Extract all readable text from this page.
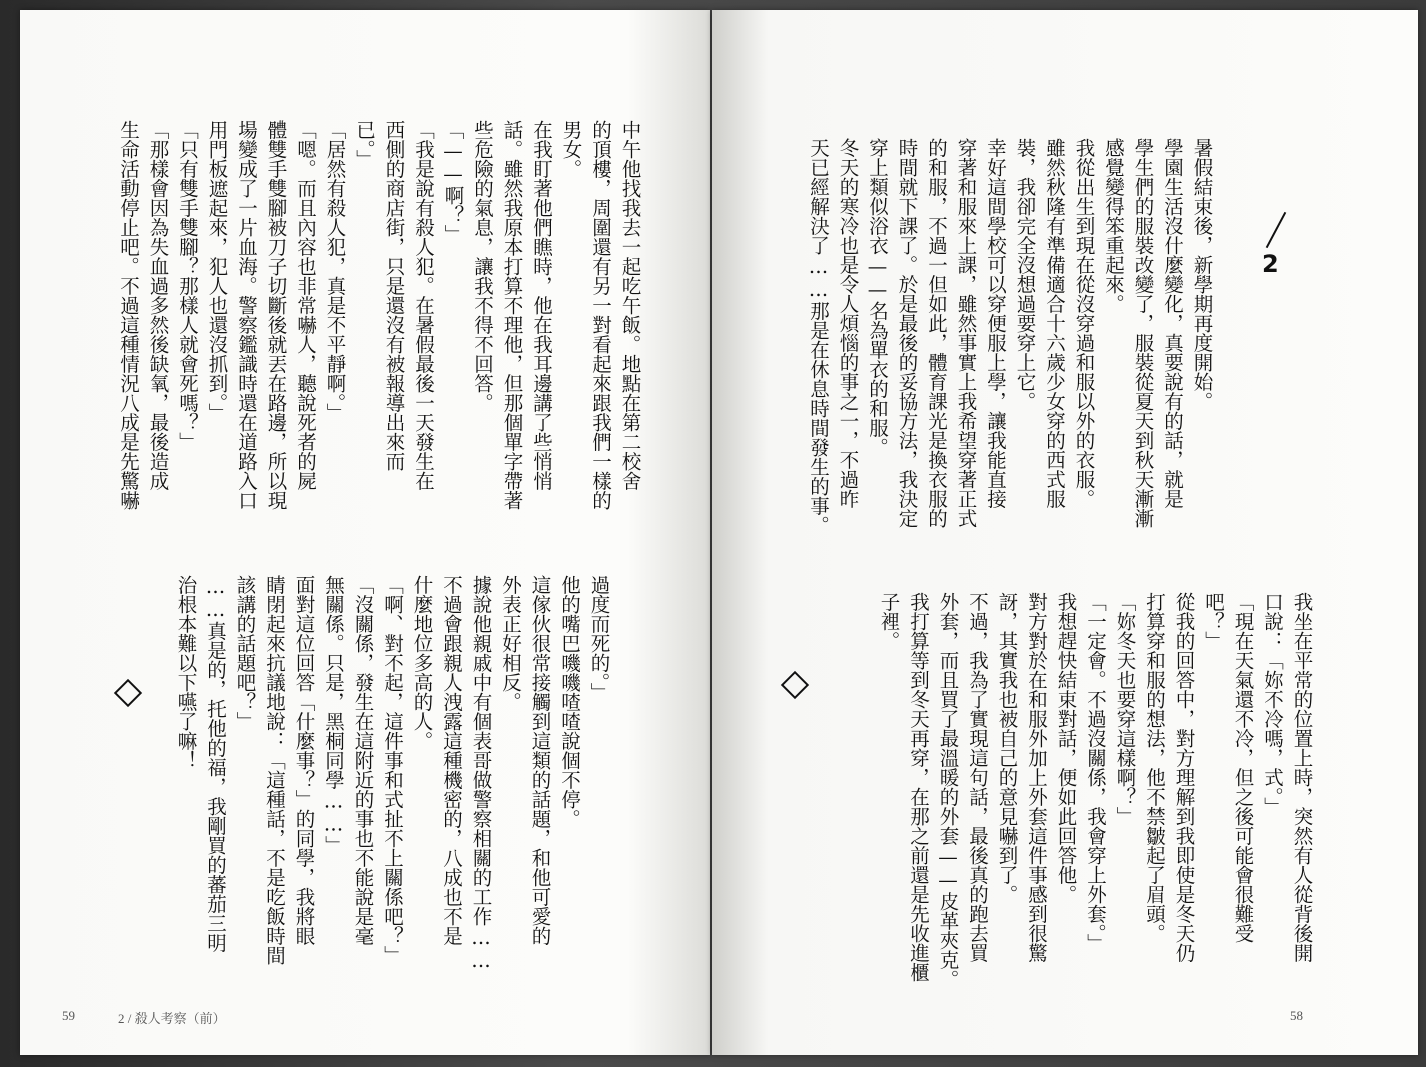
中午他找我去一起吃午飯。地點在第二校舍
的頂樓，周圍還有另一對看起來跟我們一樣的
男女。
在我盯著他們瞧時，他在我耳邊講了些悄悄
話。雖然我原本打算不理他，但那個單字帶著
些危險的氣息，讓我不得不回答。
「——啊？」
「我是說有殺人犯。在暑假最後一天發生在
西側的商店街，只是還沒有被報導出來而
已。」
「居然有殺人犯，真是不平靜啊。」
「嗯。而且內容也非常嚇人，聽說死者的屍
體雙手雙腳被刀子切斷後就丟在路邊，所以現
場變成了一片血海。警察鑑識時還在道路入口
用門板遮起來，犯人也還沒抓到。」
「只有雙手雙腳？那樣人就會死嗎？」
「那樣會因為失血過多然後缺氧，最後造成
生命活動停止吧。不過這種情況八成是先驚嚇
過度而死的。」
他的嘴巴嘰嘰喳喳說個不停。
這傢伙很常接觸到這類的話題，和他可愛的
外表正好相反。
據說他親戚中有個表哥做警察相關的工作……
不過會跟親人洩露這種機密的，八成也不是
什麼地位多高的人。
「啊、對不起，這件事和式扯不上關係吧？」
「沒關係，發生在這附近的事也不能說是毫
無關係。只是，黑桐同學……」
面對這位回答「什麼事？」的同學，我將眼
睛閉起來抗議地說：「這種話，不是吃飯時間
該講的話題吧？」
……真是的，托他的福，我剛買的蕃茄三明
治根本難以下嚥了嘛！
59	2 / 殺人考察（前）
2
暑假結束後，新學期再度開始。
學園生活沒什麼變化，真要說有的話，就是
學生們的服裝改變了，服裝從夏天到秋天漸漸
感覺變得笨重起來。
我從出生到現在從沒穿過和服以外的衣服。
雖然秋隆有準備適合十六歲少女穿的西式服
裝，我卻完全沒想過要穿上它。
幸好這間學校可以穿便服上學，讓我能直接
穿著和服來上課，雖然事實上我希望穿著正式
的和服，不過一但如此，體育課光是換衣服的
時間就下課了。於是最後的妥協方法，我決定
穿上類似浴衣——名為單衣的和服。
冬天的寒冷也是令人煩惱的事之一，不過昨
天已經解決了……那是在休息時間發生的事。
我坐在平常的位置上時，突然有人從背後開
口說：「妳不冷嗎，式。」
「現在天氣還不冷，但之後可能會很難受
吧？」
從我的回答中，對方理解到我即使是冬天仍
打算穿和服的想法，他不禁皺起了眉頭。
「妳冬天也要穿這樣啊？」
「一定會。不過沒關係，我會穿上外套。」
我想趕快結束對話，便如此回答他。
對方對於在和服外加上外套這件事感到很驚
訝，其實我也被自己的意見嚇到了。
不過，我為了實現這句話，最後真的跑去買
外套，而且買了最溫暖的外套——皮革夾克。
我打算等到冬天再穿，在那之前還是先收進櫃
子裡。
58
